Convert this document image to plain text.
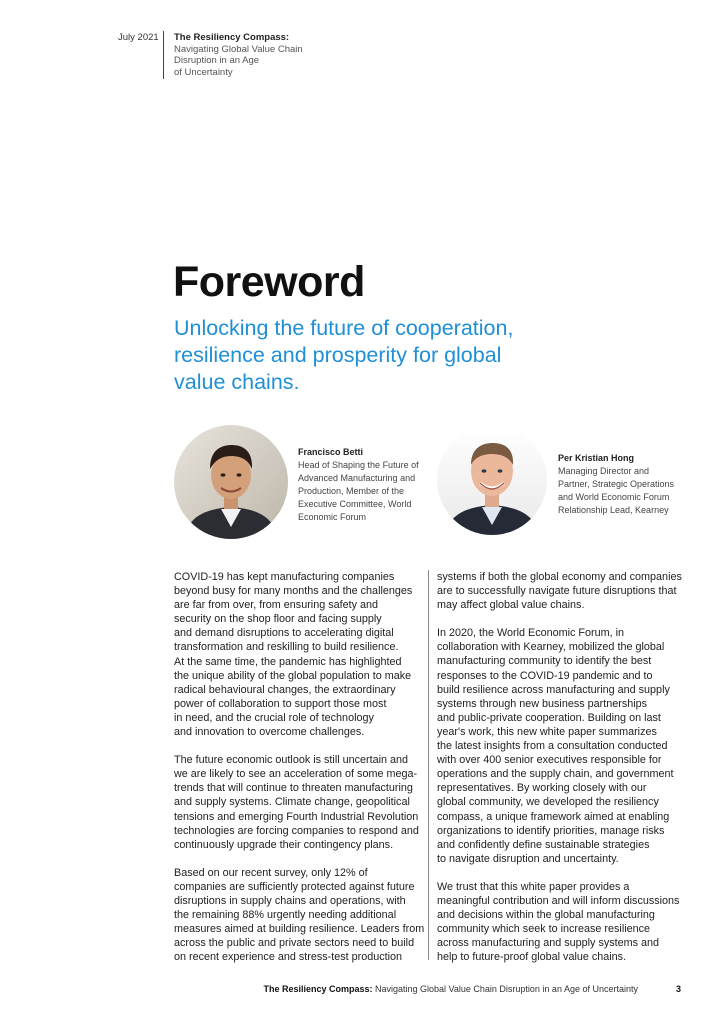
July 2021 The Resiliency Compass:
Navigating Global Value Chain
Disruption in an Age
of Uncertainty
Foreword
Unlocking the future of cooperation,
resilience and prosperity for global
value chains.
Francisco Betti
Head of Shaping the Future of
Advanced Manufacturing and
Production, Member of the
Executive Committee, World
Economic Forum
Per Kristian Hong
Managing Director and
Partner, Strategic Operations
and World Economic Forum
Relationship Lead, Kearney
COVID-19 has kept manufacturing companies
beyond busy for many months and the challenges
are far from over, from ensuring safety and
security on the shop floor and facing supply
and demand disruptions to accelerating digital
transformation and reskilling to build resilience.
At the same time, the pandemic has highlighted
the unique ability of the global population to make
radical behavioural changes, the extraordinary
power of collaboration to support those most
in need, and the crucial role of technology
and innovation to overcome challenges.
The future economic outlook is still uncertain and
we are likely to see an acceleration of some mega-
trends that will continue to threaten manufacturing
and supply systems. Climate change, geopolitical
tensions and emerging Fourth Industrial Revolution
technologies are forcing companies to respond and
continuously upgrade their contingency plans.
Based on our recent survey, only 12% of
companies are sufficiently protected against future
disruptions in supply chains and operations, with
the remaining 88% urgently needing additional
measures aimed at building resilience. Leaders from
across the public and private sectors need to build
on recent experience and stress-test production
systems if both the global economy and companies
are to successfully navigate future disruptions that
may affect global value chains.
In 2020, the World Economic Forum, in
collaboration with Kearney, mobilized the global
manufacturing community to identify the best
responses to the COVID-19 pandemic and to
build resilience across manufacturing and supply
systems through new business partnerships
and public-private cooperation. Building on last
year's work, this new white paper summarizes
the latest insights from a consultation conducted
with over 400 senior executives responsible for
operations and the supply chain, and government
representatives. By working closely with our
global community, we developed the resiliency
compass, a unique framework aimed at enabling
organizations to identify priorities, manage risks
and confidently define sustainable strategies
to navigate disruption and uncertainty.
We trust that this white paper provides a
meaningful contribution and will inform discussions
and decisions within the global manufacturing
community which seek to increase resilience
across manufacturing and supply systems and
help to future-proof global value chains.
The Resiliency Compass: Navigating Global Value Chain Disruption in an Age of Uncertainty	3
